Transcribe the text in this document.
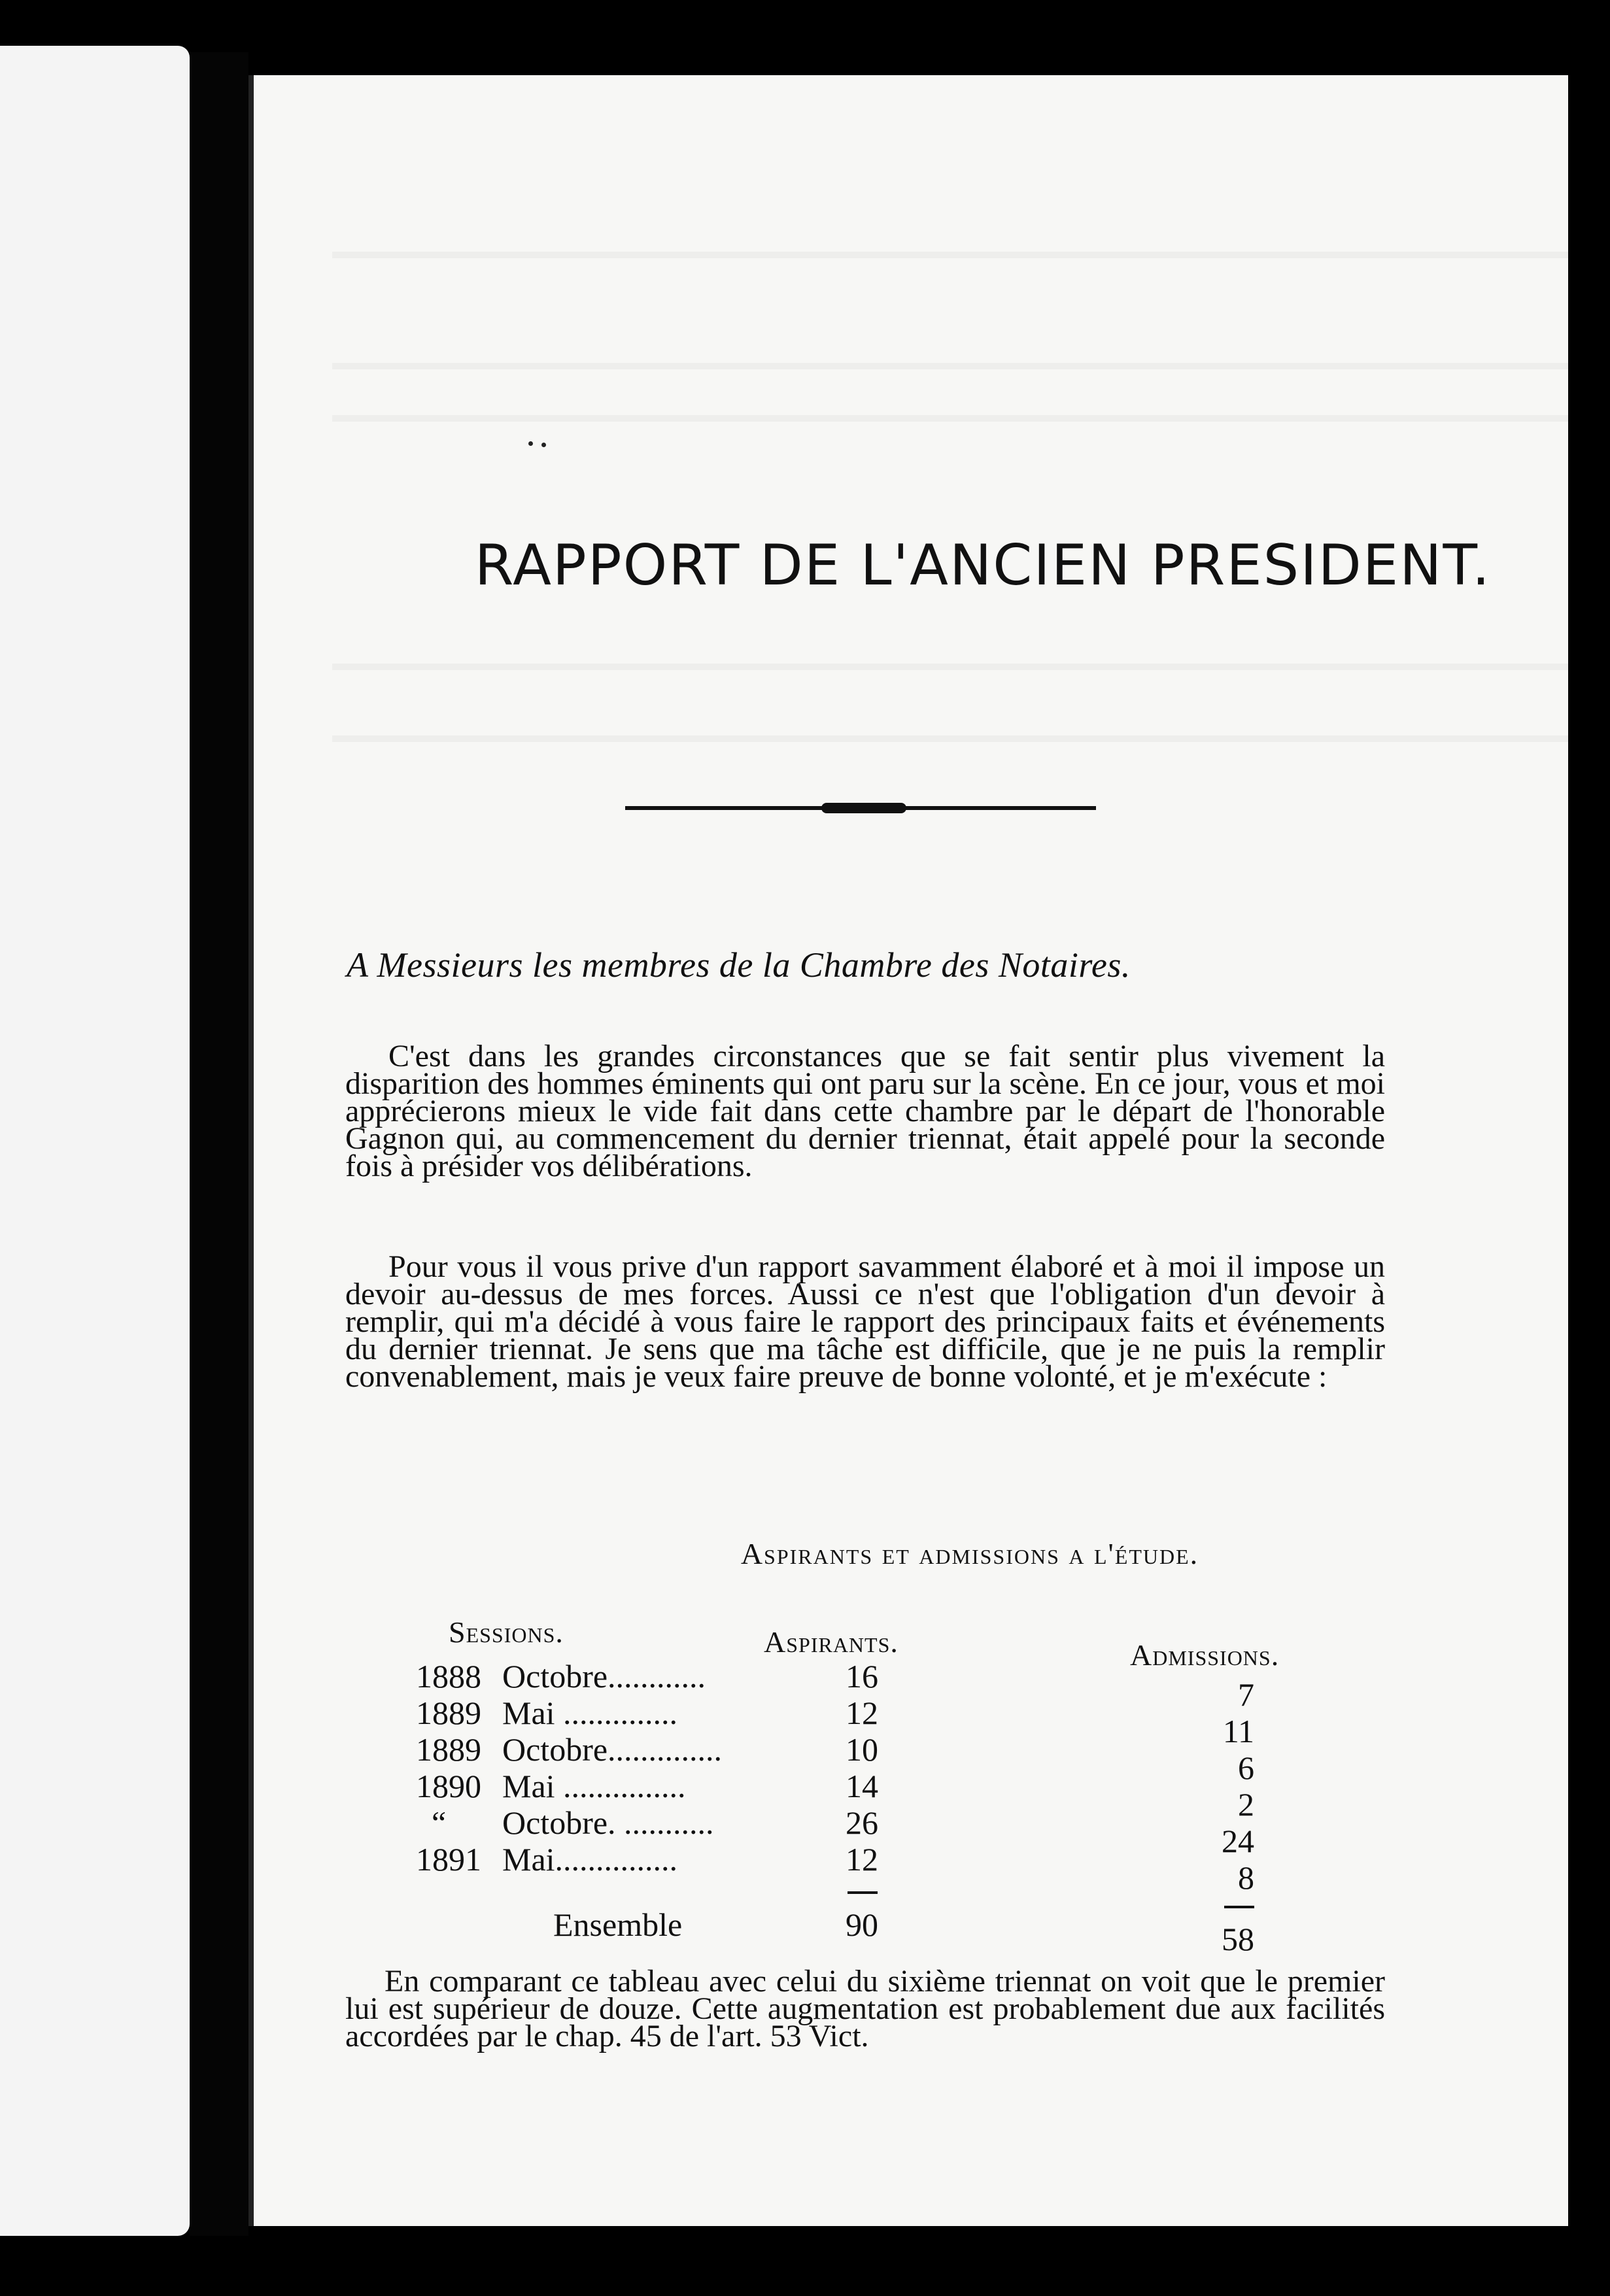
RAPPORT DE L'ANCIEN PRESIDENT.
A Messieurs les membres de la Chambre des Notaires.

C'est dans les grandes circonstances que se fait sentir plus vivement la disparition des hommes éminents qui ont paru sur la scène. En ce jour, vous et moi apprécierons mieux le vide fait dans cette chambre par le départ de l'honorable Gagnon qui, au commencement du dernier triennat, était appelé pour la seconde fois à présider vos délibérations.

Pour vous il vous prive d'un rapport savamment élaboré et à moi il impose un devoir au-dessus de mes forces. Aussi ce n'est que l'obligation d'un devoir à remplir, qui m'a décidé à vous faire le rapport des principaux faits et événements du dernier triennat. Je sens que ma tâche est difficile, que je ne puis la remplir convenablement, mais je veux faire preuve de bonne volonté, et je m'exécute :

Aspirants et admissions a l'étude.
Sessions.	Aspirants.	Admissions.
1888 Octobre............	16	7
1889 Mai ..............	12	11
1889 Octobre..............	10	6
1890 Mai ...............	14	2
“	Octobre. ...........	26	24
1891 Mai...............	12	8
Ensemble	90	58

En comparant ce tableau avec celui du sixième triennat on voit que le premier lui est supérieur de douze. Cette augmentation est probablement due aux facilités accordées par le chap. 45 de l'art. 53 Vict.
